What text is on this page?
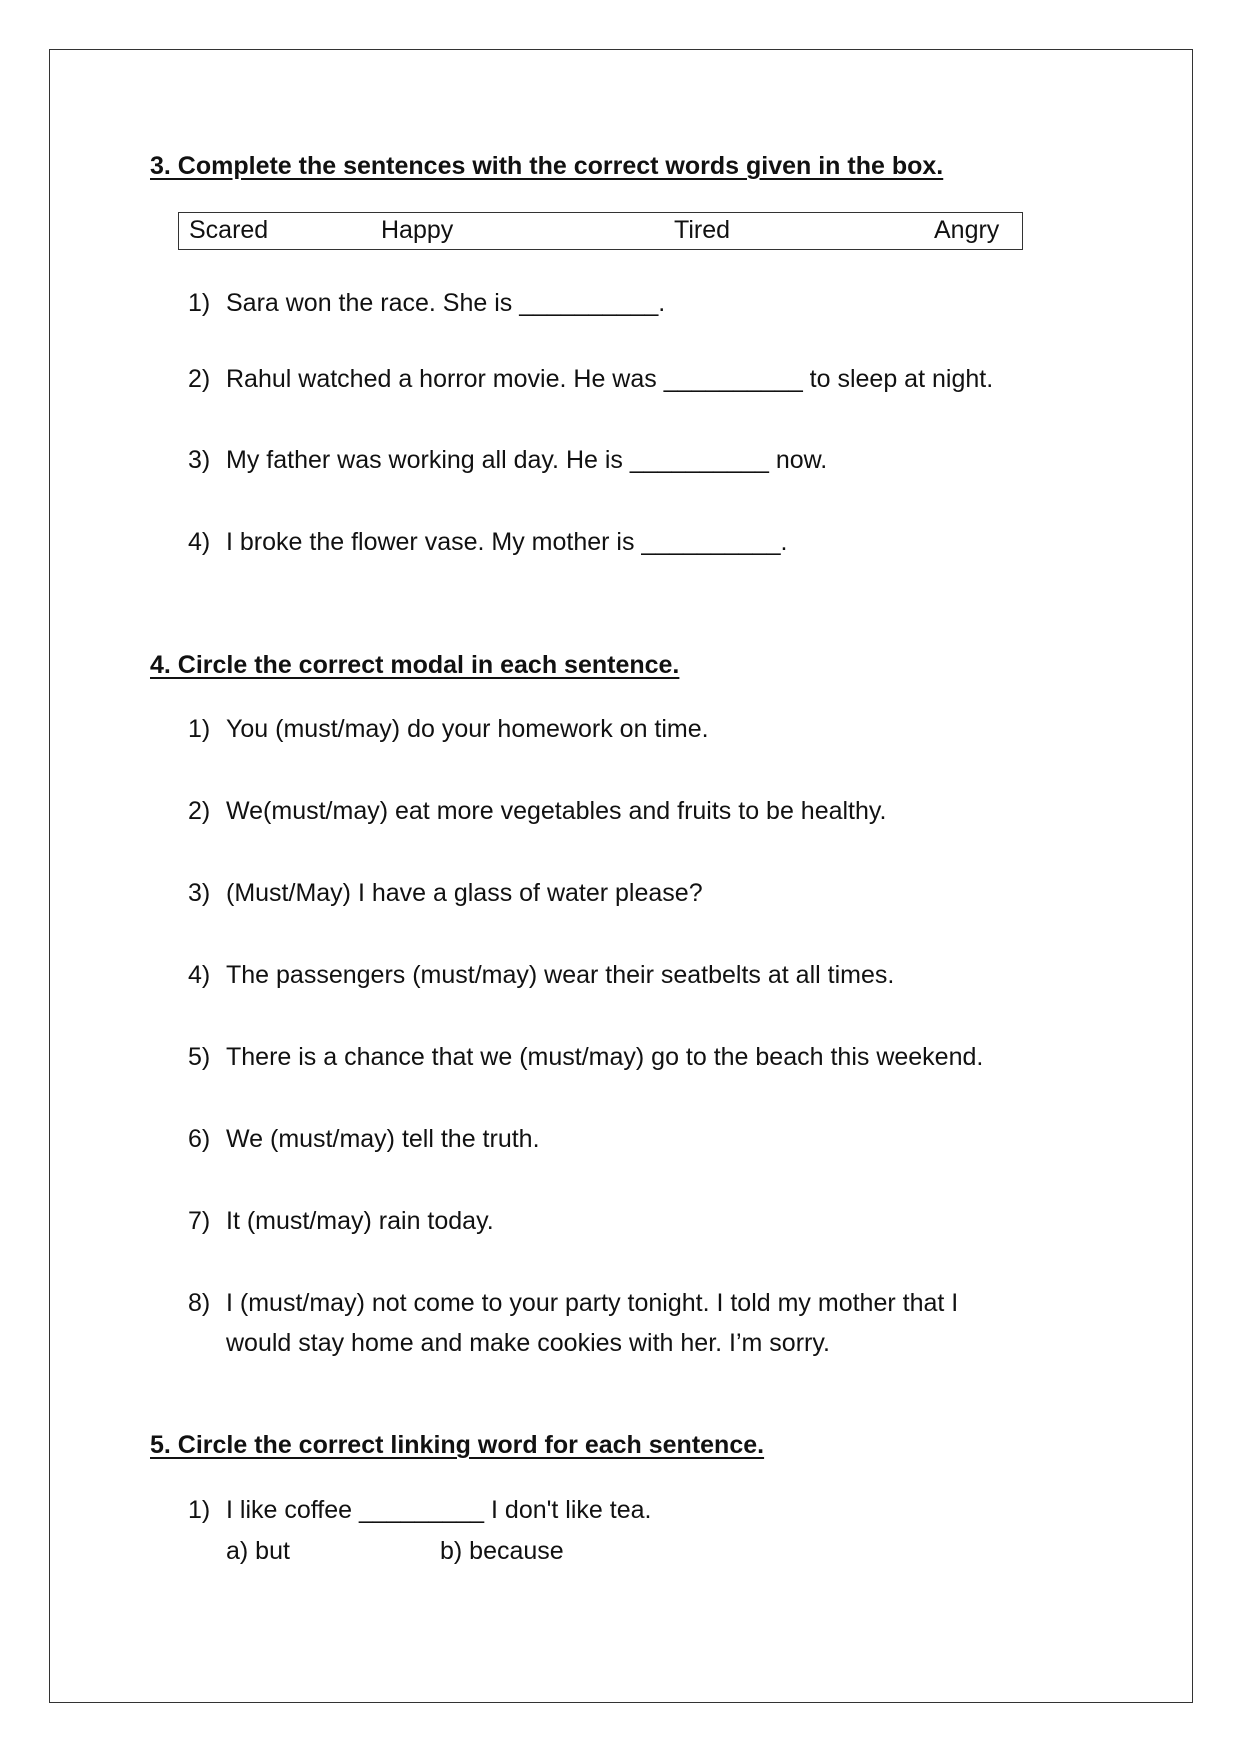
3. Complete the sentences with the correct words given in the box.
Scared	Happy	Tired	Angry
1) Sara won the race. She is __________.
2) Rahul watched a horror movie. He was __________ to sleep at night.
3) My father was working all day. He is __________ now.
4) I broke the flower vase. My mother is __________.
4. Circle the correct modal in each sentence.
1) You (must/may) do your homework on time.
2) We(must/may) eat more vegetables and fruits to be healthy.
3) (Must/May) I have a glass of water please?
4) The passengers (must/may) wear their seatbelts at all times.
5) There is a chance that we (must/may) go to the beach this weekend.
6) We (must/may) tell the truth.
7) It (must/may) rain today.
8) I (must/may) not come to your party tonight. I told my mother that I
would stay home and make cookies with her. I’m sorry.
5. Circle the correct linking word for each sentence.
1) I like coffee _________ I don't like tea.
a) but	b) because
